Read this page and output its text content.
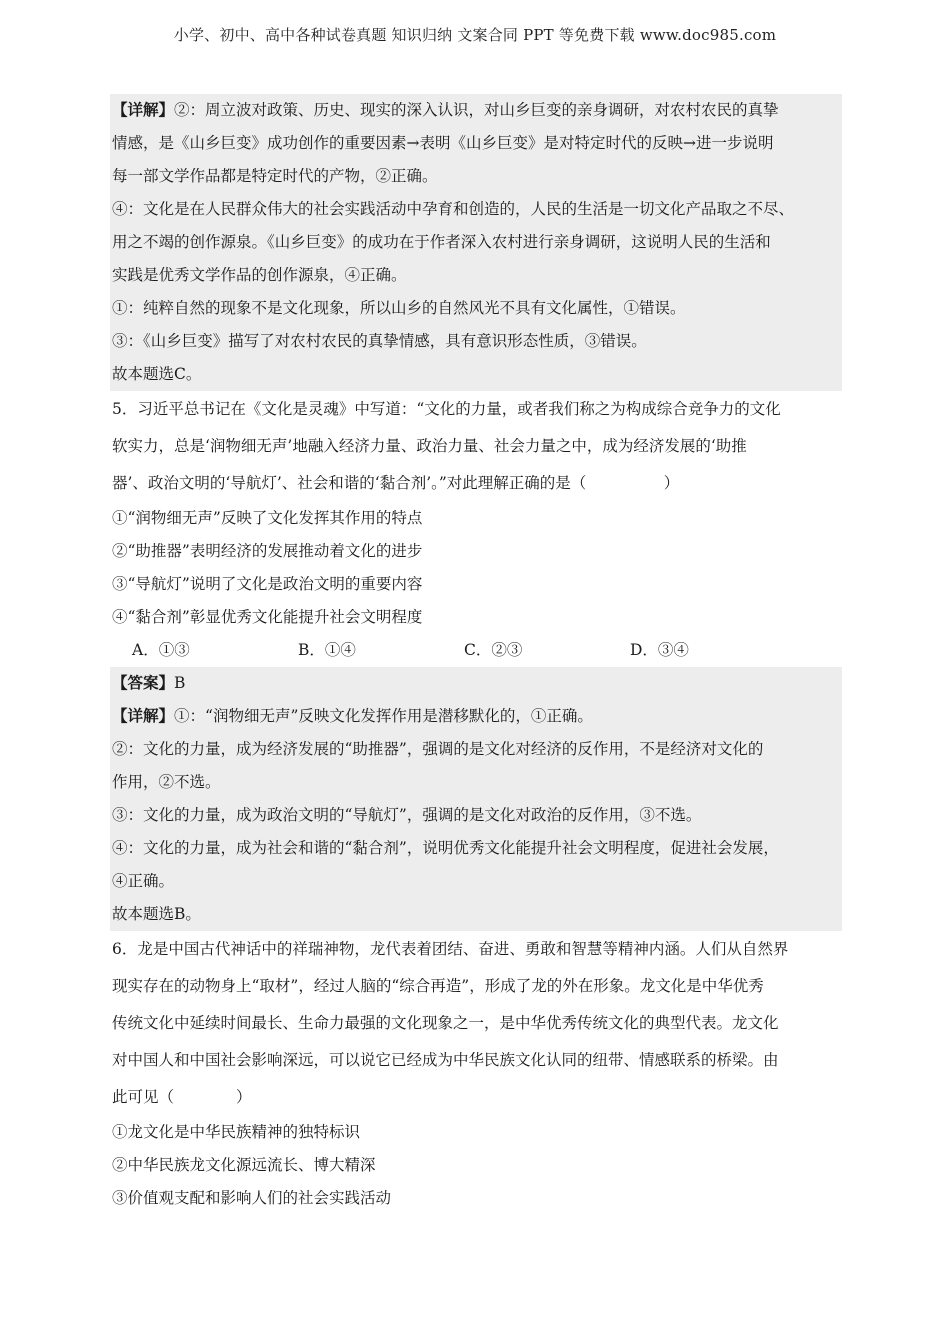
小学、初中、高中各种试卷真题 知识归纳 文案合同 PPT 等免费下载 www.doc985.com
【详解】②：周立波对政策、历史、现实的深入认识，对山乡巨变的亲身调研，对农村农民的真挚
情感，是《山乡巨变》成功创作的重要因素→表明《山乡巨变》是对特定时代的反映→进一步说明
每一部文学作品都是特定时代的产物，②正确。
④：文化是在人民群众伟大的社会实践活动中孕育和创造的，人民的生活是一切文化产品取之不尽、
用之不竭的创作源泉。《山乡巨变》的成功在于作者深入农村进行亲身调研，这说明人民的生活和
实践是优秀文学作品的创作源泉，④正确。
①：纯粹自然的现象不是文化现象，所以山乡的自然风光不具有文化属性，①错误。
③：《山乡巨变》描写了对农村农民的真挚情感，具有意识形态性质，③错误。
故本题选C。
5．习近平总书记在《文化是灵魂》中写道：“文化的力量，或者我们称之为构成综合竞争力的文化
软实力，总是‘润物细无声’地融入经济力量、政治力量、社会力量之中，成为经济发展的‘助推
器’、政治文明的‘导航灯’、社会和谐的‘黏合剂’。”对此理解正确的是（　　　　　）
①“润物细无声”反映了文化发挥其作用的特点
②“助推器”表明经济的发展推动着文化的进步
③“导航灯”说明了文化是政治文明的重要内容
④“黏合剂”彰显优秀文化能提升社会文明程度
A．①③	B．①④	C．②③	D．③④
【答案】B
【详解】①：“润物细无声”反映文化发挥作用是潜移默化的，①正确。
②：文化的力量，成为经济发展的“助推器”，强调的是文化对经济的反作用，不是经济对文化的
作用，②不选。
③：文化的力量，成为政治文明的“导航灯”，强调的是文化对政治的反作用，③不选。
④：文化的力量，成为社会和谐的“黏合剂”，说明优秀文化能提升社会文明程度，促进社会发展，
④正确。
故本题选B。
6．龙是中国古代神话中的祥瑞神物，龙代表着团结、奋进、勇敢和智慧等精神内涵。人们从自然界
现实存在的动物身上“取材”，经过人脑的“综合再造”，形成了龙的外在形象。龙文化是中华优秀
传统文化中延续时间最长、生命力最强的文化现象之一，是中华优秀传统文化的典型代表。龙文化
对中国人和中国社会影响深远，可以说它已经成为中华民族文化认同的纽带、情感联系的桥梁。由
此可见（　　　　）
①龙文化是中华民族精神的独特标识
②中华民族龙文化源远流长、博大精深
③价值观支配和影响人们的社会实践活动
